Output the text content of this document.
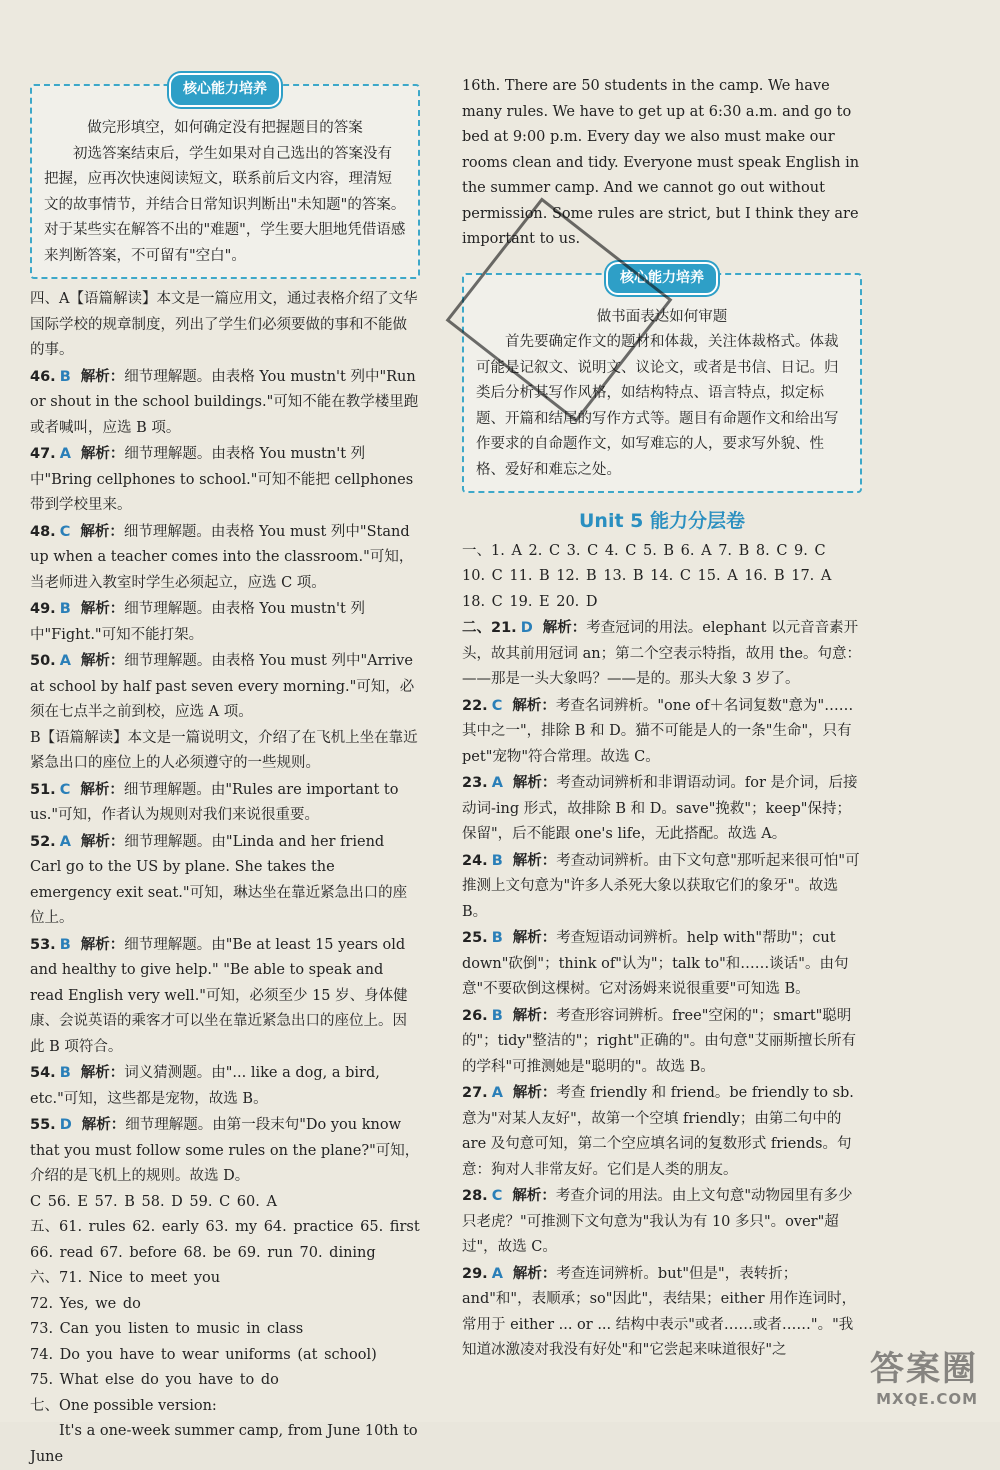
核心能力培养

做完形填空，如何确定没有把握题目的答案

初选答案结束后，学生如果对自己选出的答案没有把握，应再次快速阅读短文，联系前后文内容，理清短文的故事情节，并结合日常知识判断出"未知题"的答案。对于某些实在解答不出的"难题"，学生要大胆地凭借语感来判断答案，不可留有"空白"。

四、A【语篇解读】本文是一篇应用文，通过表格介绍了文华国际学校的规章制度，列出了学生们必须要做的事和不能做的事。

46. B 解析：细节理解题。由表格 You mustn't 列中"Run or shout in the school buildings."可知不能在教学楼里跑或者喊叫，应选 B 项。

47. A 解析：细节理解题。由表格 You mustn't 列中"Bring cellphones to school."可知不能把 cellphones 带到学校里来。

48. C 解析：细节理解题。由表格 You must 列中"Stand up when a teacher comes into the classroom."可知，当老师进入教室时学生必须起立，应选 C 项。

49. B 解析：细节理解题。由表格 You mustn't 列中"Fight."可知不能打架。

50. A 解析：细节理解题。由表格 You must 列中"Arrive at school by half past seven every morning."可知，必须在七点半之前到校，应选 A 项。

B【语篇解读】本文是一篇说明文，介绍了在飞机上坐在靠近紧急出口的座位上的人必须遵守的一些规则。

51. C 解析：细节理解题。由"Rules are important to us."可知，作者认为规则对我们来说很重要。

52. A 解析：细节理解题。由"Linda and her friend Carl go to the US by plane. She takes the emergency exit seat."可知，琳达坐在靠近紧急出口的座位上。

53. B 解析：细节理解题。由"Be at least 15 years old and healthy to give help." "Be able to speak and read English very well."可知，必须至少 15 岁、身体健康、会说英语的乘客才可以坐在靠近紧急出口的座位上。因此 B 项符合。

54. B 解析：词义猜测题。由"... like a dog, a bird, etc."可知，这些都是宠物，故选 B。

55. D 解析：细节理解题。由第一段末句"Do you know that you must follow some rules on the plane?"可知，介绍的是飞机上的规则。故选 D。

C 56. E 57. B 58. D 59. C 60. A

五、61. rules 62. early 63. my 64. practice 65. first

66. read 67. before 68. be 69. run 70. dining

六、71. Nice to meet you

72. Yes, we do

73. Can you listen to music in class

74. Do you have to wear uniforms (at school)

75. What else do you have to do

七、One possible version:

It's a one-week summer camp, from June 10th to June

16th. There are 50 students in the camp. We have many rules. We have to get up at 6:30 a.m. and go to bed at 9:00 p.m. Every day we also must make our rooms clean and tidy. Everyone must speak English in the summer camp. And we cannot go out without permission. Some rules are strict, but I think they are important to us.

核心能力培养

做书面表达如何审题

首先要确定作文的题材和体裁，关注体裁格式。体裁可能是记叙文、说明文、议论文，或者是书信、日记。归类后分析其写作风格，如结构特点、语言特点，拟定标题、开篇和结尾的写作方式等。题目有命题作文和给出写作要求的自命题作文，如写难忘的人，要求写外貌、性格、爱好和难忘之处。

Unit 5 能力分层卷

一、1. A 2. C 3. C 4. C 5. B 6. A 7. B 8. C 9. C

10. C 11. B 12. B 13. B 14. C 15. A 16. B 17. A

18. C 19. E 20. D

二、21. D 解析：考查冠词的用法。elephant 以元音音素开头，故其前用冠词 an；第二个空表示特指，故用 the。句意：——那是一头大象吗？——是的。那头大象 3 岁了。

22. C 解析：考查名词辨析。"one of＋名词复数"意为"……其中之一"，排除 B 和 D。猫不可能是人的一条"生命"，只有 pet"宠物"符合常理。故选 C。

23. A 解析：考查动词辨析和非谓语动词。for 是介词，后接动词-ing 形式，故排除 B 和 D。save"挽救"；keep"保持；保留"，后不能跟 one's life，无此搭配。故选 A。

24. B 解析：考查动词辨析。由下文句意"那听起来很可怕"可推测上文句意为"许多人杀死大象以获取它们的象牙"。故选 B。

25. B 解析：考查短语动词辨析。help with"帮助"；cut down"砍倒"；think of"认为"；talk to"和……谈话"。由句意"不要砍倒这棵树。它对汤姆来说很重要"可知选 B。

26. B 解析：考查形容词辨析。free"空闲的"；smart"聪明的"；tidy"整洁的"；right"正确的"。由句意"艾丽斯擅长所有的学科"可推测她是"聪明的"。故选 B。

27. A 解析：考查 friendly 和 friend。be friendly to sb. 意为"对某人友好"，故第一个空填 friendly；由第二句中的 are 及句意可知，第二个空应填名词的复数形式 friends。句意：狗对人非常友好。它们是人类的朋友。

28. C 解析：考查介词的用法。由上文句意"动物园里有多少只老虎？"可推测下文句意为"我认为有 10 多只"。over"超过"，故选 C。

29. A 解析：考查连词辨析。but"但是"，表转折；and"和"，表顺承；so"因此"，表结果；either 用作连词时，常用于 either ... or ... 结构中表示"或者……或者……"。"我知道冰激凌对我没有好处"和"它尝起来味道很好"之	答案圈
MXQE.COM
